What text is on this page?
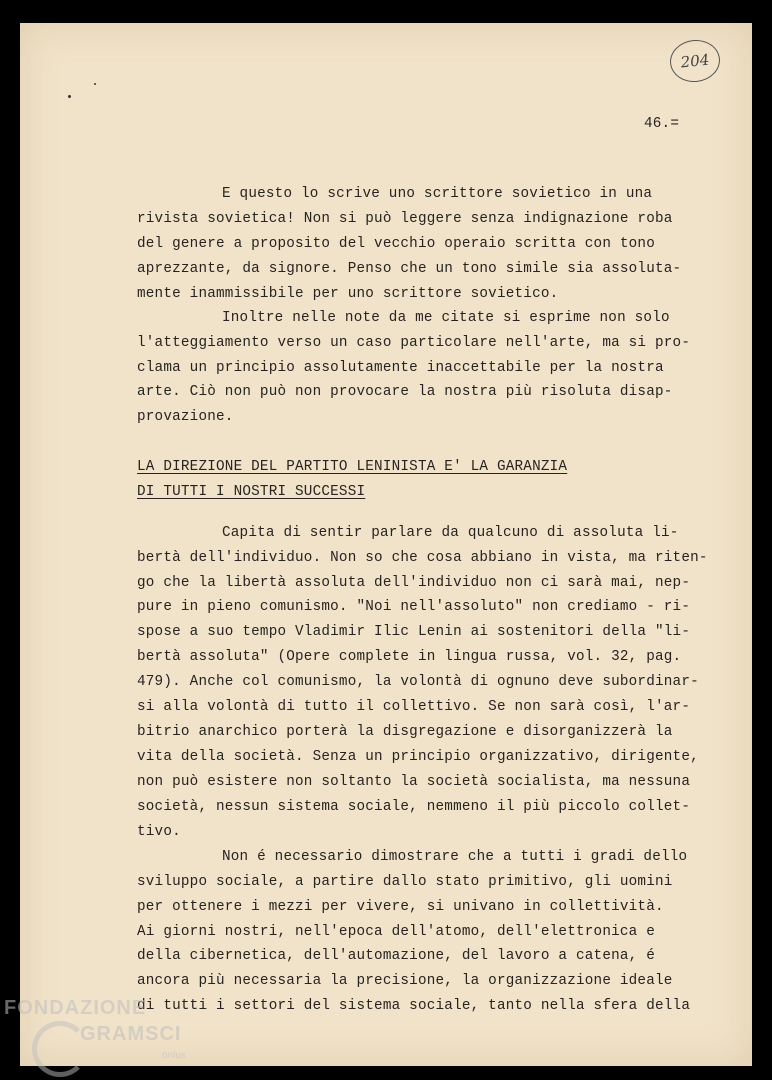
204
46.=
E questo lo scrive uno scrittore sovietico in una
rivista sovietica! Non si può leggere senza indignazione roba
del genere a proposito del vecchio operaio scritta con tono
aprezzante, da signore. Penso che un tono simile sia assoluta-
mente inammissibile per uno scrittore sovietico.
Inoltre nelle note da me citate si esprime non solo
l'atteggiamento verso un caso particolare nell'arte, ma si pro-
clama un principio assolutamente inaccettabile per la nostra
arte. Ciò non può non provocare la nostra più risoluta disap-
provazione.
LA DIREZIONE DEL PARTITO LENINISTA E' LA GARANZIA
DI TUTTI I NOSTRI SUCCESSI
Capita di sentir parlare da qualcuno di assoluta li-
bertà dell'individuo. Non so che cosa abbiano in vista, ma riten-
go che la libertà assoluta dell'individuo non ci sarà mai, nep-
pure in pieno comunismo. "Noi nell'assoluto" non crediamo - ri-
spose a suo tempo Vladimir Ilic Lenin ai sostenitori della "li-
bertà assoluta" (Opere complete in lingua russa, vol. 32, pag.
479). Anche col comunismo, la volontà di ognuno deve subordinar-
si alla volontà di tutto il collettivo. Se non sarà così, l'ar-
bitrio anarchico porterà la disgregazione e disorganizzerà la
vita della società. Senza un principio organizzativo, dirigente,
non può esistere non soltanto la società socialista, ma nessuna
società, nessun sistema sociale, nemmeno il più piccolo collet-
tivo.
Non é necessario dimostrare che a tutti i gradi dello
sviluppo sociale, a partire dallo stato primitivo, gli uomini
per ottenere i mezzi per vivere, si univano in collettività.
Ai giorni nostri, nell'epoca dell'atomo, dell'elettronica e
della cibernetica, dell'automazione, del lavoro a catena, é
ancora più necessaria la precisione, la organizzazione ideale
di tutti i settori del sistema sociale, tanto nella sfera della
FONDAZIONE
GRAMSCI
onlus
